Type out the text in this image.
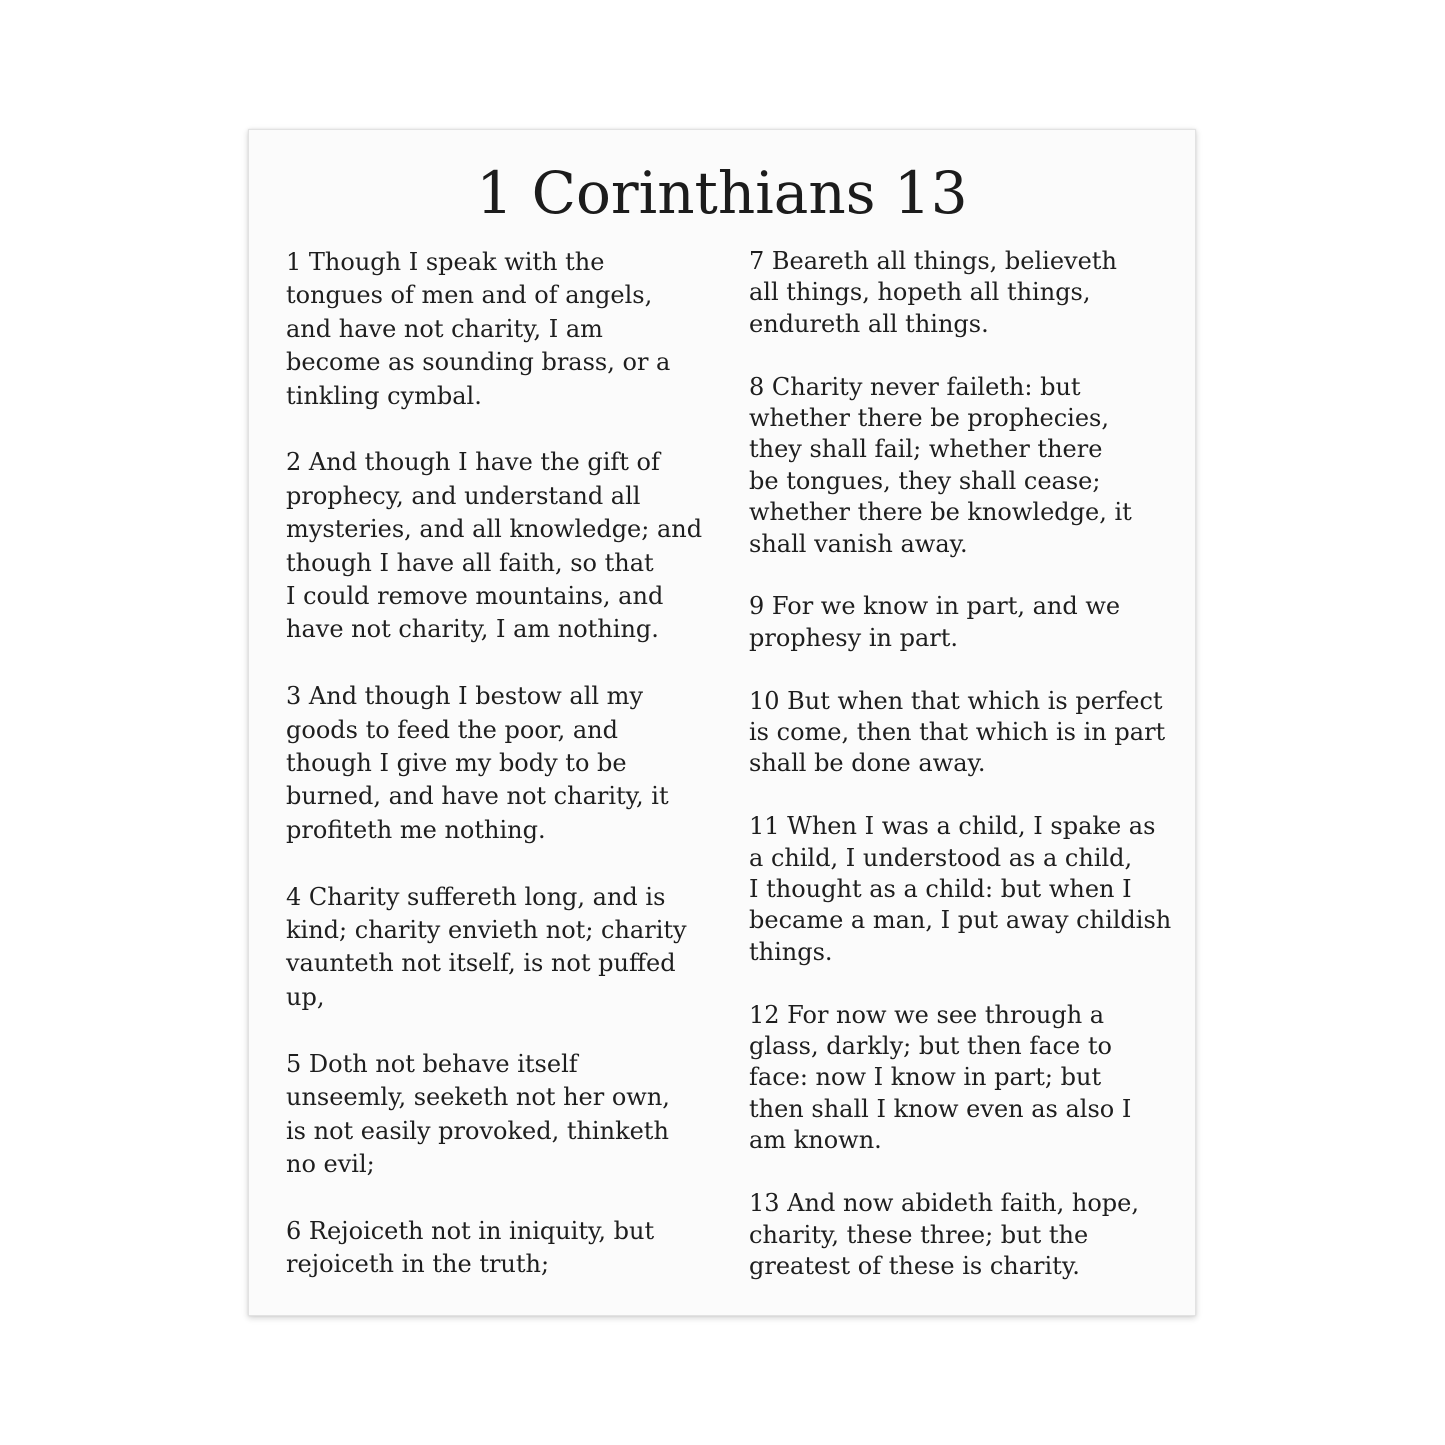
1 Corinthians 13

1 Though I speak with the
tongues of men and of angels,
and have not charity, I am
become as sounding brass, or a
tinkling cymbal.

2 And though I have the gift of
prophecy, and understand all
mysteries, and all knowledge; and
though I have all faith, so that
I could remove mountains, and
have not charity, I am nothing.

3 And though I bestow all my
goods to feed the poor, and
though I give my body to be
burned, and have not charity, it
profiteth me nothing.

4 Charity suffereth long, and is
kind; charity envieth not; charity
vaunteth not itself, is not puffed
up,

5 Doth not behave itself
unseemly, seeketh not her own,
is not easily provoked, thinketh
no evil;

6 Rejoiceth not in iniquity, but
rejoiceth in the truth;

7 Beareth all things, believeth
all things, hopeth all things,
endureth all things.

8 Charity never faileth: but
whether there be prophecies,
they shall fail; whether there
be tongues, they shall cease;
whether there be knowledge, it
shall vanish away.

9 For we know in part, and we
prophesy in part.

10 But when that which is perfect
is come, then that which is in part
shall be done away.

11 When I was a child, I spake as
a child, I understood as a child,
I thought as a child: but when I
became a man, I put away childish
things.

12 For now we see through a
glass, darkly; but then face to
face: now I know in part; but
then shall I know even as also I
am known.

13 And now abideth faith, hope,
charity, these three; but the
greatest of these is charity.
